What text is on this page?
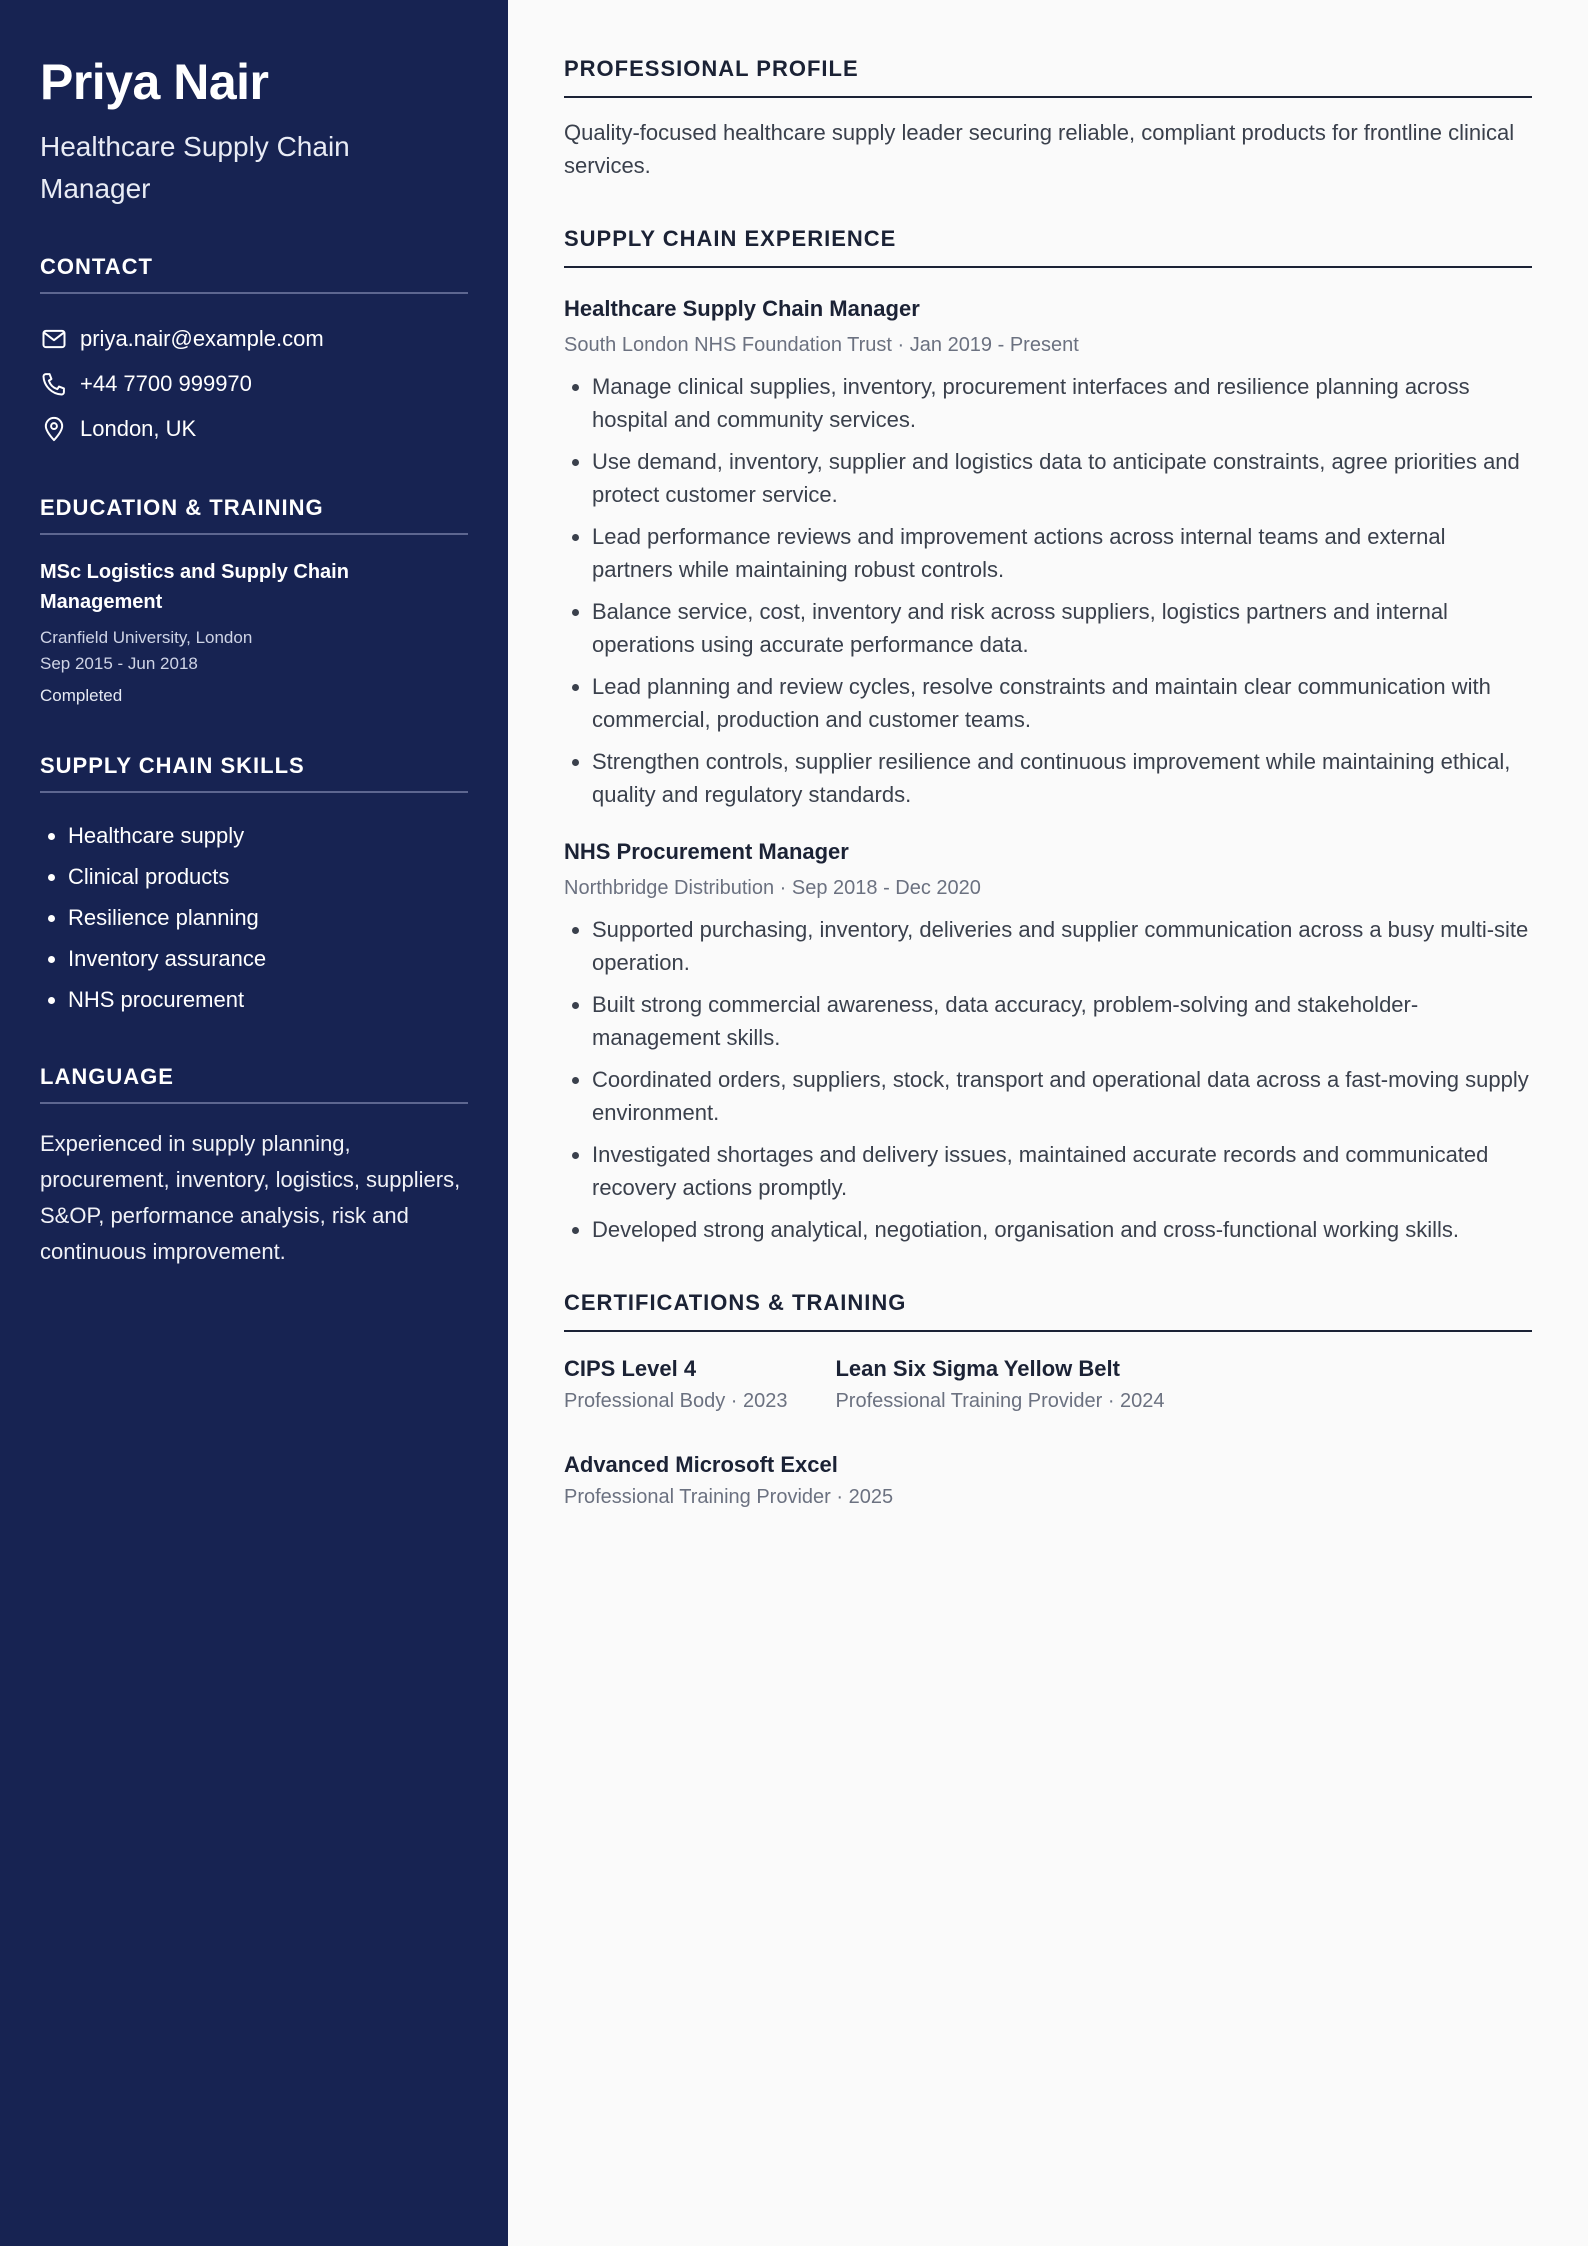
Priya Nair
Healthcare Supply Chain Manager
CONTACT
priya.nair@example.com
+44 7700 999970
London, UK
EDUCATION & TRAINING
MSc Logistics and Supply Chain Management
Cranfield University, London
Sep 2015 - Jun 2018
Completed
SUPPLY CHAIN SKILLS
• Healthcare supply
• Clinical products
• Resilience planning
• Inventory assurance
• NHS procurement
LANGUAGE
Experienced in supply planning, procurement, inventory, logistics, suppliers, S&OP, performance analysis, risk and continuous improvement.
PROFESSIONAL PROFILE
Quality-focused healthcare supply leader securing reliable, compliant products for frontline clinical services.
SUPPLY CHAIN EXPERIENCE
Healthcare Supply Chain Manager
South London NHS Foundation Trust · Jan 2019 - Present
• Manage clinical supplies, inventory, procurement interfaces and resilience planning across hospital and community services.
• Use demand, inventory, supplier and logistics data to anticipate constraints, agree priorities and protect customer service.
• Lead performance reviews and improvement actions across internal teams and external partners while maintaining robust controls.
• Balance service, cost, inventory and risk across suppliers, logistics partners and internal operations using accurate performance data.
• Lead planning and review cycles, resolve constraints and maintain clear communication with commercial, production and customer teams.
• Strengthen controls, supplier resilience and continuous improvement while maintaining ethical, quality and regulatory standards.
NHS Procurement Manager
Northbridge Distribution · Sep 2018 - Dec 2020
• Supported purchasing, inventory, deliveries and supplier communication across a busy multi-site operation.
• Built strong commercial awareness, data accuracy, problem-solving and stakeholder-management skills.
• Coordinated orders, suppliers, stock, transport and operational data across a fast-moving supply environment.
• Investigated shortages and delivery issues, maintained accurate records and communicated recovery actions promptly.
• Developed strong analytical, negotiation, organisation and cross-functional working skills.
CERTIFICATIONS & TRAINING
CIPS Level 4
Professional Body · 2023
Lean Six Sigma Yellow Belt
Professional Training Provider · 2024
Advanced Microsoft Excel
Professional Training Provider · 2025
